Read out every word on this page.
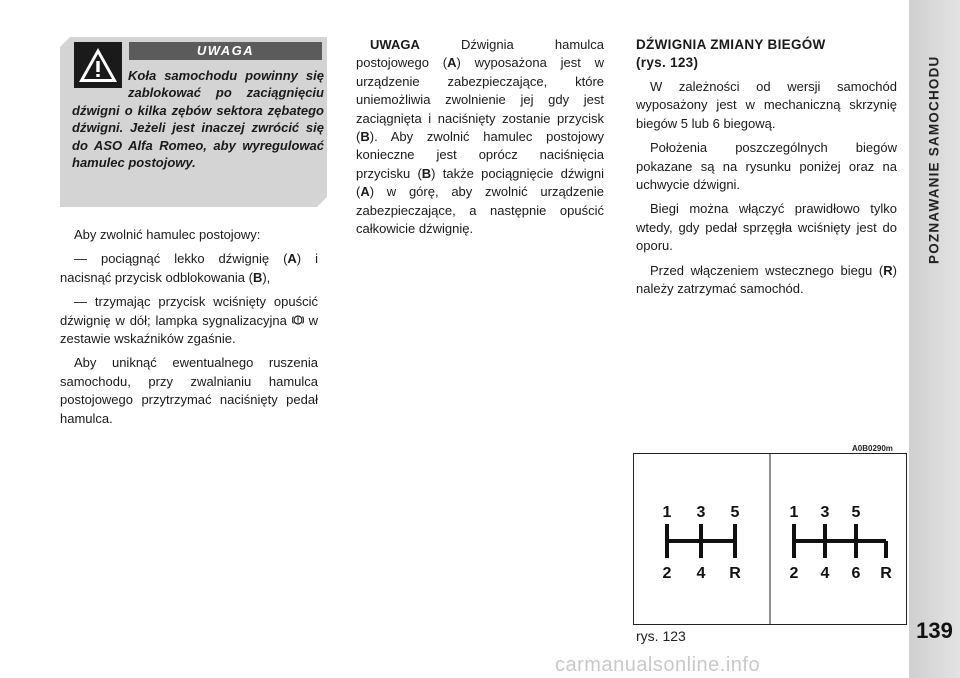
POZNAWANIE SAMOCHODU
139
UWAGA
Koła samochodu powinny się zablokować po zaciągnięciu dźwigni o kilka zębów sektora zębatego dźwigni. Jeżeli jest inaczej zwrócić się do ASO Alfa Romeo, aby wyregulować hamulec postojowy.

Aby zwolnić hamulec postojowy:

— pociągnąć lekko dźwignię (A) i nacisnąć przycisk odblokowania (B),

— trzymając przycisk wciśnięty opuścić dźwignię w dół; lampka sygnalizacyjna w zestawie wskaźników zgaśnie.

Aby uniknąć ewentualnego ruszenia samochodu, przy zwalnianiu hamulca postojowego przytrzymać naciśnięty pedał hamulca.

UWAGA Dźwignia hamulca postojowego (A) wyposażona jest w urządzenie zabezpieczające, które uniemożliwia zwolnienie jej gdy jest zaciągnięta i naciśnięty zostanie przycisk (B). Aby zwolnić hamulec postojowy konieczne jest oprócz naciśnięcia przycisku (B) także pociągnięcie dźwigni (A) w górę, aby zwolnić urządzenie zabezpieczające, a następnie opuścić całkowicie dźwignię.

DŹWIGNIA ZMIANY BIEGÓW
(rys. 123)

W zależności od wersji samochód wyposażony jest w mechaniczną skrzynię biegów 5 lub 6 biegową.

Położenia poszczególnych biegów pokazane są na rysunku poniżej oraz na uchwycie dźwigni.

Biegi można włączyć prawidłowo tylko wtedy, gdy pedał sprzęgła wciśnięty jest do oporu.

Przed włączeniem wstecznego biegu (R) należy zatrzymać samochód.

A0B0290m
1 3 5
2 4 R
1 3 5
2 4 6 R
rys. 123
carmanualsonline.info
